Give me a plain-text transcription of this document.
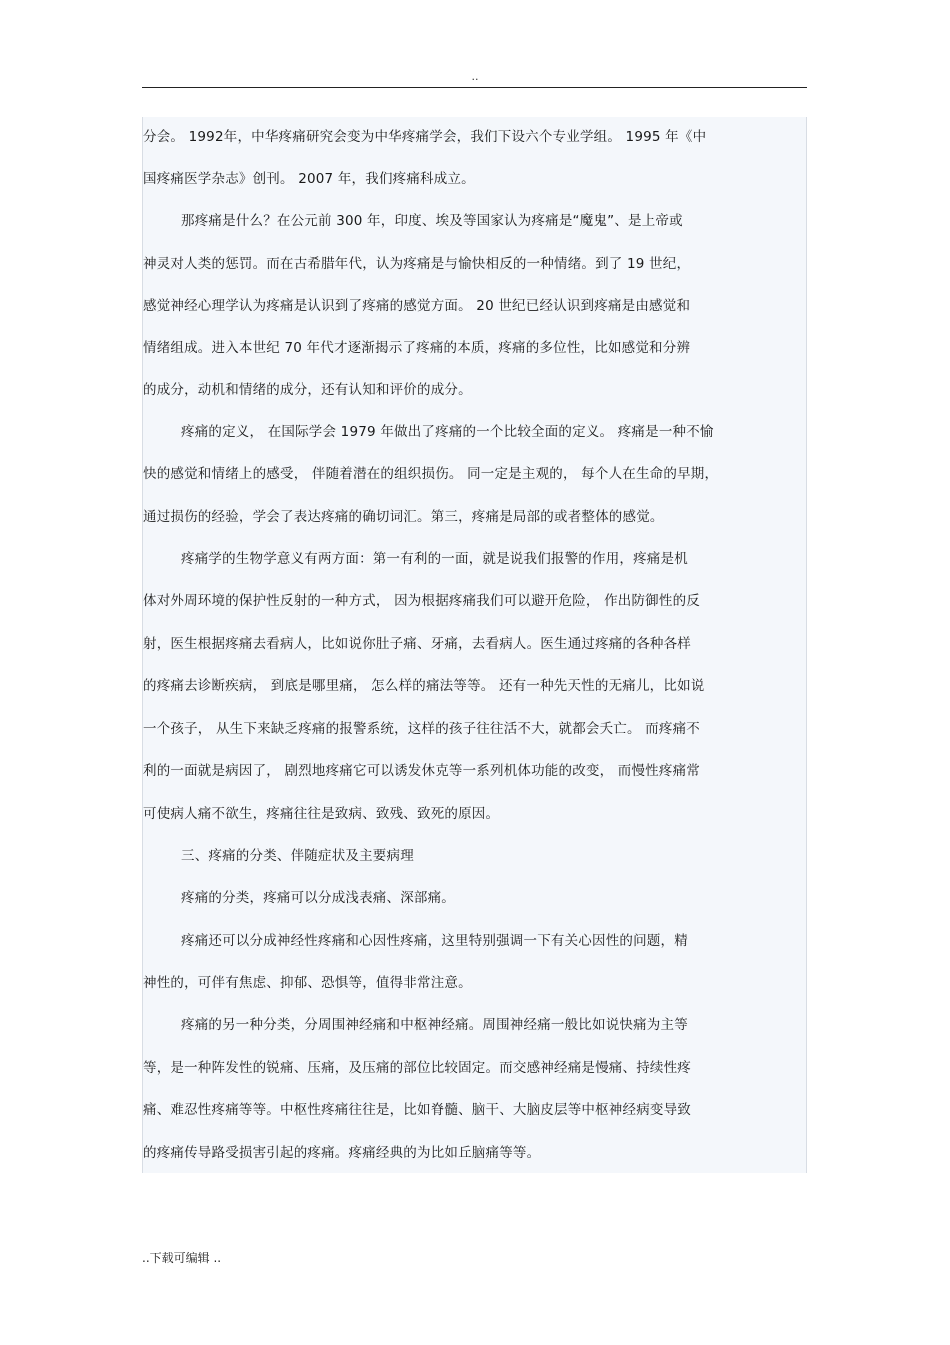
..
分会。 1992年，中华疼痛研究会变为中华疼痛学会，我们下设六个专业学组。 1995 年《中
国疼痛医学杂志》创刊。 2007 年，我们疼痛科成立。
那疼痛是什么？在公元前 300 年，印度、埃及等国家认为疼痛是“魔鬼”、是上帝或
神灵对人类的惩罚。而在古希腊年代，认为疼痛是与愉快相反的一种情绪。到了 19 世纪，
感觉神经心理学认为疼痛是认识到了疼痛的感觉方面。 20 世纪已经认识到疼痛是由感觉和
情绪组成。进入本世纪 70 年代才逐渐揭示了疼痛的本质，疼痛的多位性，比如感觉和分辨
的成分，动机和情绪的成分，还有认知和评价的成分。
疼痛的定义， 在国际学会 1979 年做出了疼痛的一个比较全面的定义。 疼痛是一种不愉
快的感觉和情绪上的感受， 伴随着潜在的组织损伤。 同一定是主观的， 每个人在生命的早期，
通过损伤的经验，学会了表达疼痛的确切词汇。第三，疼痛是局部的或者整体的感觉。
疼痛学的生物学意义有两方面：第一有利的一面，就是说我们报警的作用，疼痛是机
体对外周环境的保护性反射的一种方式， 因为根据疼痛我们可以避开危险， 作出防御性的反
射，医生根据疼痛去看病人，比如说你肚子痛、牙痛，去看病人。医生通过疼痛的各种各样
的疼痛去诊断疾病， 到底是哪里痛， 怎么样的痛法等等。 还有一种先天性的无痛儿，比如说
一个孩子， 从生下来缺乏疼痛的报警系统，这样的孩子往往活不大，就都会夭亡。 而疼痛不
利的一面就是病因了， 剧烈地疼痛它可以诱发休克等一系列机体功能的改变， 而慢性疼痛常
可使病人痛不欲生，疼痛往往是致病、致残、致死的原因。
三、疼痛的分类、伴随症状及主要病理
疼痛的分类，疼痛可以分成浅表痛、深部痛。
疼痛还可以分成神经性疼痛和心因性疼痛，这里特别强调一下有关心因性的问题，精
神性的，可伴有焦虑、抑郁、恐惧等，值得非常注意。
疼痛的另一种分类，分周围神经痛和中枢神经痛。周围神经痛一般比如说快痛为主等
等，是一种阵发性的锐痛、压痛，及压痛的部位比较固定。而交感神经痛是慢痛、持续性疼
痛、难忍性疼痛等等。中枢性疼痛往往是，比如脊髓、脑干、大脑皮层等中枢神经病变导致
的疼痛传导路受损害引起的疼痛。疼痛经典的为比如丘脑痛等等。
..下载可编辑 ..
